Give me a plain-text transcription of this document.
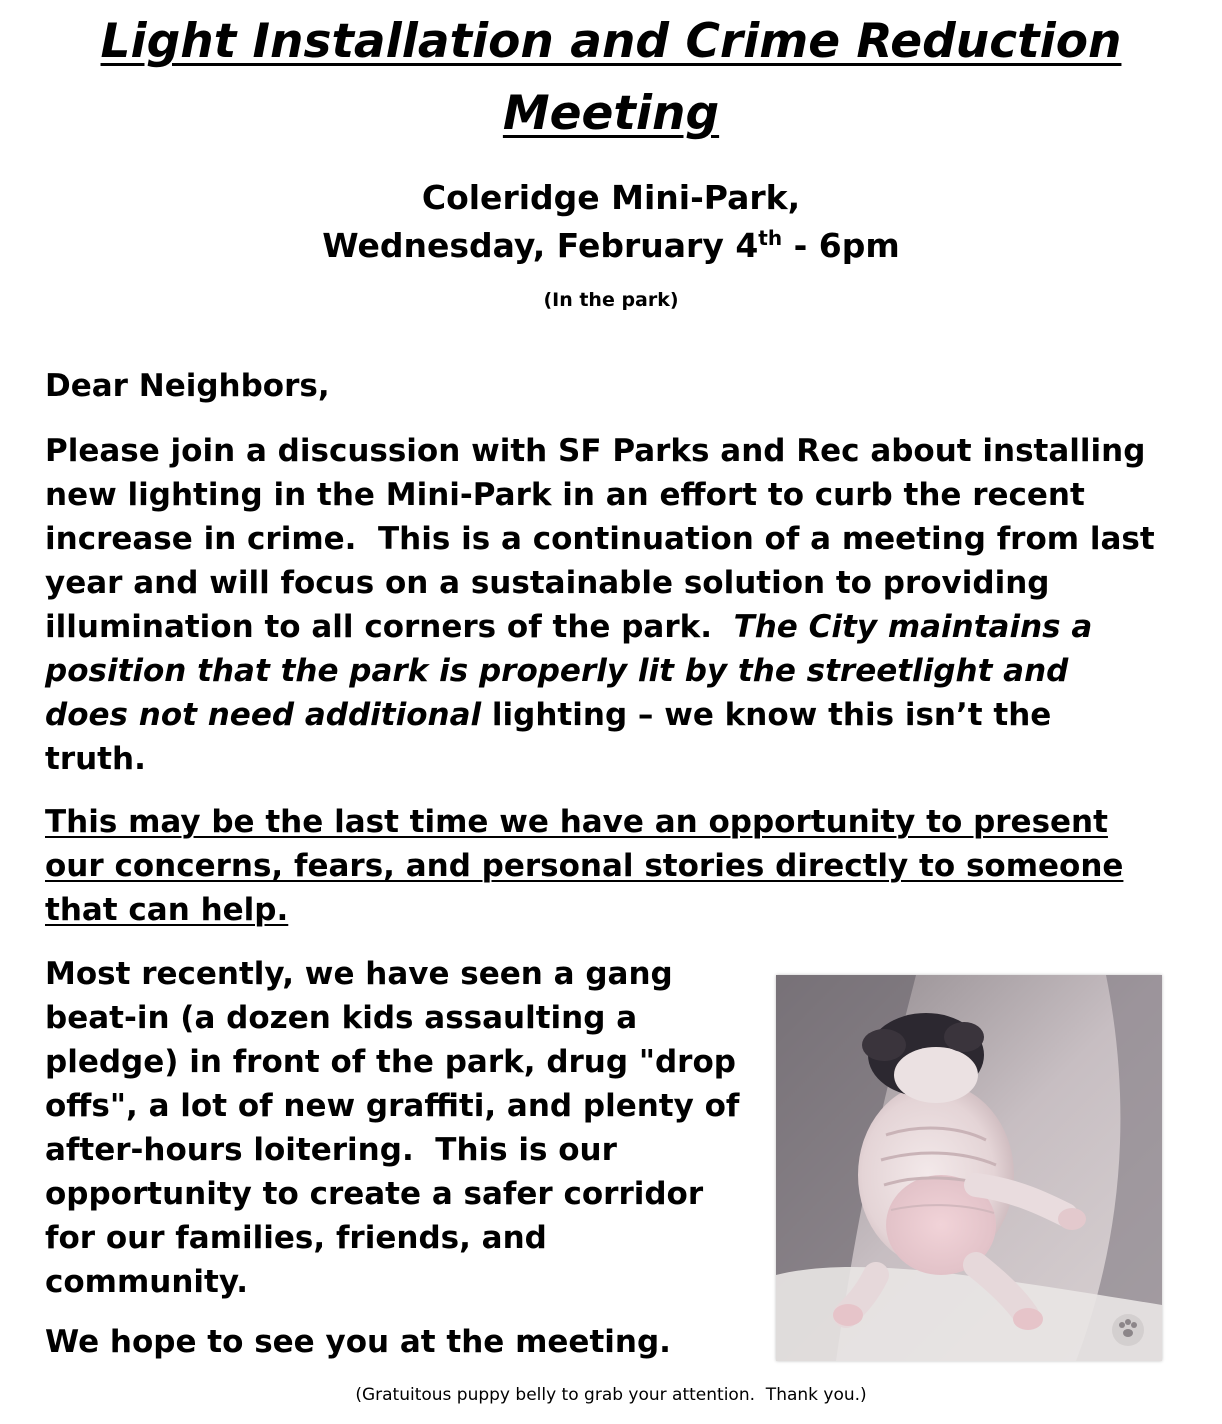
Light Installation and Crime Reduction
Meeting
Coleridge Mini-Park,
Wednesday, February 4th - 6pm
(In the park)
Dear Neighbors,
Please join a discussion with SF Parks and Rec about installing
new lighting in the Mini-Park in an effort to curb the recent
increase in crime.  This is a continuation of a meeting from last
year and will focus on a sustainable solution to providing
illumination to all corners of the park.  The City maintains a
position that the park is properly lit by the streetlight and
does not need additional lighting – we know this isn’t the
truth.
This may be the last time we have an opportunity to present
our concerns, fears, and personal stories directly to someone
that can help.
Most recently, we have seen a gang
beat-in (a dozen kids assaulting a
pledge) in front of the park, drug "drop
offs", a lot of new graffiti, and plenty of
after-hours loitering.  This is our
opportunity to create a safer corridor
for our families, friends, and
community.
We hope to see you at the meeting.
(Gratuitous puppy belly to grab your attention.  Thank you.)
